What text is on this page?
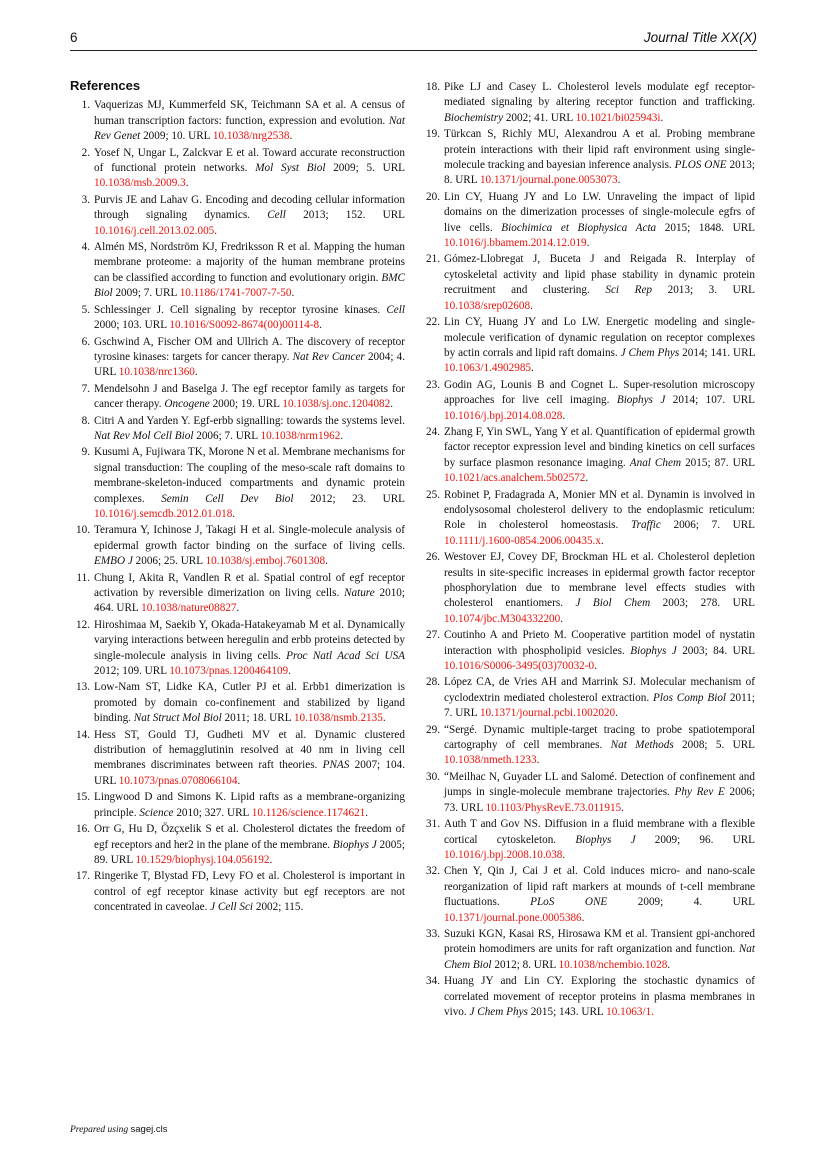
6	Journal Title XX(X)
References
1. Vaquerizas MJ, Kummerfeld SK, Teichmann SA et al. A census of human transcription factors: function, expression and evolution. Nat Rev Genet 2009; 10. URL 10.1038/nrg2538.
2. Yosef N, Ungar L, Zalckvar E et al. Toward accurate reconstruction of functional protein networks. Mol Syst Biol 2009; 5. URL 10.1038/msb.2009.3.
3. Purvis JE and Lahav G. Encoding and decoding cellular information through signaling dynamics. Cell 2013; 152. URL 10.1016/j.cell.2013.02.005.
4. Almén MS, Nordström KJ, Fredriksson R et al. Mapping the human membrane proteome: a majority of the human membrane proteins can be classified according to function and evolutionary origin. BMC Biol 2009; 7. URL 10.1186/1741-7007-7-50.
5. Schlessinger J. Cell signaling by receptor tyrosine kinases. Cell 2000; 103. URL 10.1016/S0092-8674(00)00114-8.
6. Gschwind A, Fischer OM and Ullrich A. The discovery of receptor tyrosine kinases: targets for cancer therapy. Nat Rev Cancer 2004; 4. URL 10.1038/nrc1360.
7. Mendelsohn J and Baselga J. The egf receptor family as targets for cancer therapy. Oncogene 2000; 19. URL 10.1038/sj.onc.1204082.
8. Citri A and Yarden Y. Egf-erbb signalling: towards the systems level. Nat Rev Mol Cell Biol 2006; 7. URL 10.1038/nrm1962.
9. Kusumi A, Fujiwara TK, Morone N et al. Membrane mechanisms for signal transduction: The coupling of the meso-scale raft domains to membrane-skeleton-induced compartments and dynamic protein complexes. Semin Cell Dev Biol 2012; 23. URL 10.1016/j.semcdb.2012.01.018.
10. Teramura Y, Ichinose J, Takagi H et al. Single-molecule analysis of epidermal growth factor binding on the surface of living cells. EMBO J 2006; 25. URL 10.1038/sj.emboj.7601308.
11. Chung I, Akita R, Vandlen R et al. Spatial control of egf receptor activation by reversible dimerization on living cells. Nature 2010; 464. URL 10.1038/nature08827.
12. Hiroshimaa M, Saekib Y, Okada-Hatakeyamab M et al. Dynamically varying interactions between heregulin and erbb proteins detected by single-molecule analysis in living cells. Proc Natl Acad Sci USA 2012; 109. URL 10.1073/pnas.1200464109.
13. Low-Nam ST, Lidke KA, Cutler PJ et al. Erbb1 dimerization is promoted by domain co-confinement and stabilized by ligand binding. Nat Struct Mol Biol 2011; 18. URL 10.1038/nsmb.2135.
14. Hess ST, Gould TJ, Gudheti MV et al. Dynamic clustered distribution of hemagglutinin resolved at 40 nm in living cell membranes discriminates between raft theories. PNAS 2007; 104. URL 10.1073/pnas.0708066104.
15. Lingwood D and Simons K. Lipid rafts as a membrane-organizing principle. Science 2010; 327. URL 10.1126/science.1174621.
16. Orr G, Hu D, Özçxelik S et al. Cholesterol dictates the freedom of egf receptors and her2 in the plane of the membrane. Biophys J 2005; 89. URL 10.1529/biophysj.104.056192.
17. Ringerike T, Blystad FD, Levy FO et al. Cholesterol is important in control of egf receptor kinase activity but egf receptors are not concentrated in caveolae. J Cell Sci 2002; 115.
18. Pike LJ and Casey L. Cholesterol levels modulate egf receptor-mediated signaling by altering receptor function and trafficking. Biochemistry 2002; 41. URL 10.1021/bi025943i.
19. Türkcan S, Richly MU, Alexandrou A et al. Probing membrane protein interactions with their lipid raft environment using single-molecule tracking and bayesian inference analysis. PLOS ONE 2013; 8. URL 10.1371/journal.pone.0053073.
20. Lin CY, Huang JY and Lo LW. Unraveling the impact of lipid domains on the dimerization processes of single-molecule egfrs of live cells. Biochimica et Biophysica Acta 2015; 1848. URL 10.1016/j.bbamem.2014.12.019.
21. Gómez-Llobregat J, Buceta J and Reigada R. Interplay of cytoskeletal activity and lipid phase stability in dynamic protein recruitment and clustering. Sci Rep 2013; 3. URL 10.1038/srep02608.
22. Lin CY, Huang JY and Lo LW. Energetic modeling and single-molecule verification of dynamic regulation on receptor complexes by actin corrals and lipid raft domains. J Chem Phys 2014; 141. URL 10.1063/1.4902985.
23. Godin AG, Lounis B and Cognet L. Super-resolution microscopy approaches for live cell imaging. Biophys J 2014; 107. URL 10.1016/j.bpj.2014.08.028.
24. Zhang F, Yin SWL, Yang Y et al. Quantification of epidermal growth factor receptor expression level and binding kinetics on cell surfaces by surface plasmon resonance imaging. Anal Chem 2015; 87. URL 10.1021/acs.analchem.5b02572.
25. Robinet P, Fradagrada A, Monier MN et al. Dynamin is involved in endolysosomal cholesterol delivery to the endoplasmic reticulum: Role in cholesterol homeostasis. Traffic 2006; 7. URL 10.1111/j.1600-0854.2006.00435.x.
26. Westover EJ, Covey DF, Brockman HL et al. Cholesterol depletion results in site-specific increases in epidermal growth factor receptor phosphorylation due to membrane level effects studies with cholesterol enantiomers. J Biol Chem 2003; 278. URL 10.1074/jbc.M304332200.
27. Coutinho A and Prieto M. Cooperative partition model of nystatin interaction with phospholipid vesicles. Biophys J 2003; 84. URL 10.1016/S0006-3495(03)70032-0.
28. López CA, de Vries AH and Marrink SJ. Molecular mechanism of cyclodextrin mediated cholesterol extraction. Plos Comp Biol 2011; 7. URL 10.1371/journal.pcbi.1002020.
29. “Sergé. Dynamic multiple-target tracing to probe spatiotemporal cartography of cell membranes. Nat Methods 2008; 5. URL 10.1038/nmeth.1233.
30. “Meilhac N, Guyader LL and Salomé. Detection of confinement and jumps in single-molecule membrane trajectories. Phy Rev E 2006; 73. URL 10.1103/PhysRevE.73.011915.
31. Auth T and Gov NS. Diffusion in a fluid membrane with a flexible cortical cytoskeleton. Biophys J 2009; 96. URL 10.1016/j.bpj.2008.10.038.
32. Chen Y, Qin J, Cai J et al. Cold induces micro- and nano-scale reorganization of lipid raft markers at mounds of t-cell membrane fluctuations. PLoS ONE 2009; 4. URL 10.1371/journal.pone.0005386.
33. Suzuki KGN, Kasai RS, Hirosawa KM et al. Transient gpi-anchored protein homodimers are units for raft organization and function. Nat Chem Biol 2012; 8. URL 10.1038/nchembio.1028.
34. Huang JY and Lin CY. Exploring the stochastic dynamics of correlated movement of receptor proteins in plasma membranes in vivo. J Chem Phys 2015; 143. URL 10.1063/1.
Prepared using sagej.cls
